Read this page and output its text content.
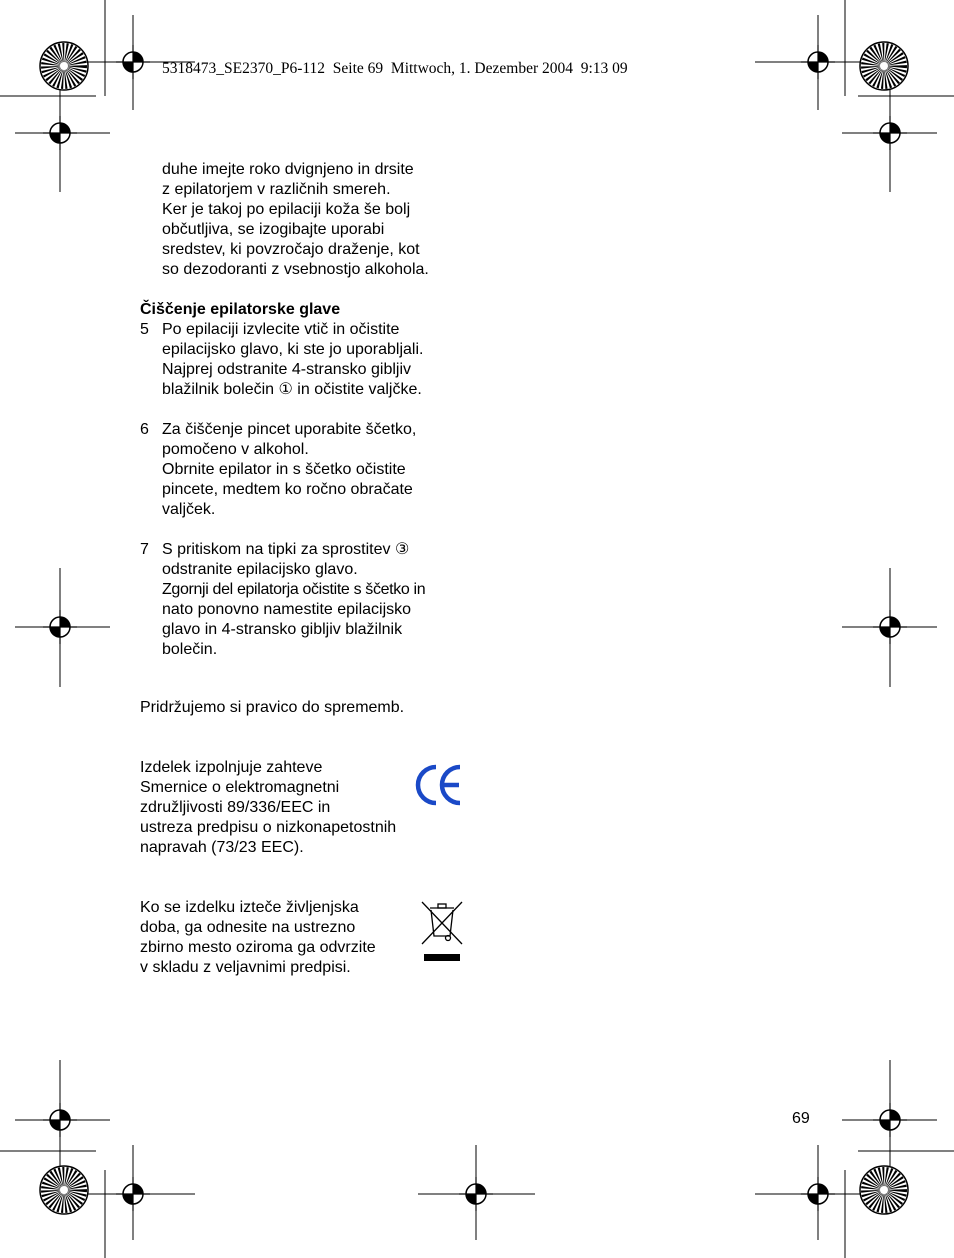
5318473_SE2370_P6-112  Seite 69  Mittwoch, 1. Dezember 2004  9:13 09
duhe imejte roko dvignjeno in drsite
z epilatorjem v različnih smereh.
Ker je takoj po epilaciji koža še bolj
občutljiva, se izogibajte uporabi
sredstev, ki povzročajo draženje, kot
so dezodoranti z vsebnostjo alkohola.
Čiščenje epilatorske glave
5 Po epilaciji izvlecite vtič in očistite
epilacijsko glavo, ki ste jo uporabljali.
Najprej odstranite 4-stransko gibljiv
blažilnik bolečin ① in očistite valjčke.
6 Za čiščenje pincet uporabite ščetko,
pomočeno v alkohol.
Obrnite epilator in s ščetko očistite
pincete, medtem ko ročno obračate
valjček.
7 S pritiskom na tipki za sprostitev ③
odstranite epilacijsko glavo.
Zgornji del epilatorja očistite s ščetko in
nato ponovno namestite epilacijsko
glavo in 4-stransko gibljiv blažilnik
bolečin.
Pridržujemo si pravico do sprememb.
Izdelek izpolnjuje zahteve
Smernice o elektromagnetni
združljivosti 89/336/EEC in
ustreza predpisu o nizkonapetostnih
napravah (73/23 EEC).
Ko se izdelku izteče življenjska
doba, ga odnesite na ustrezno
zbirno mesto oziroma ga odvrzite
v skladu z veljavnimi predpisi.
69
